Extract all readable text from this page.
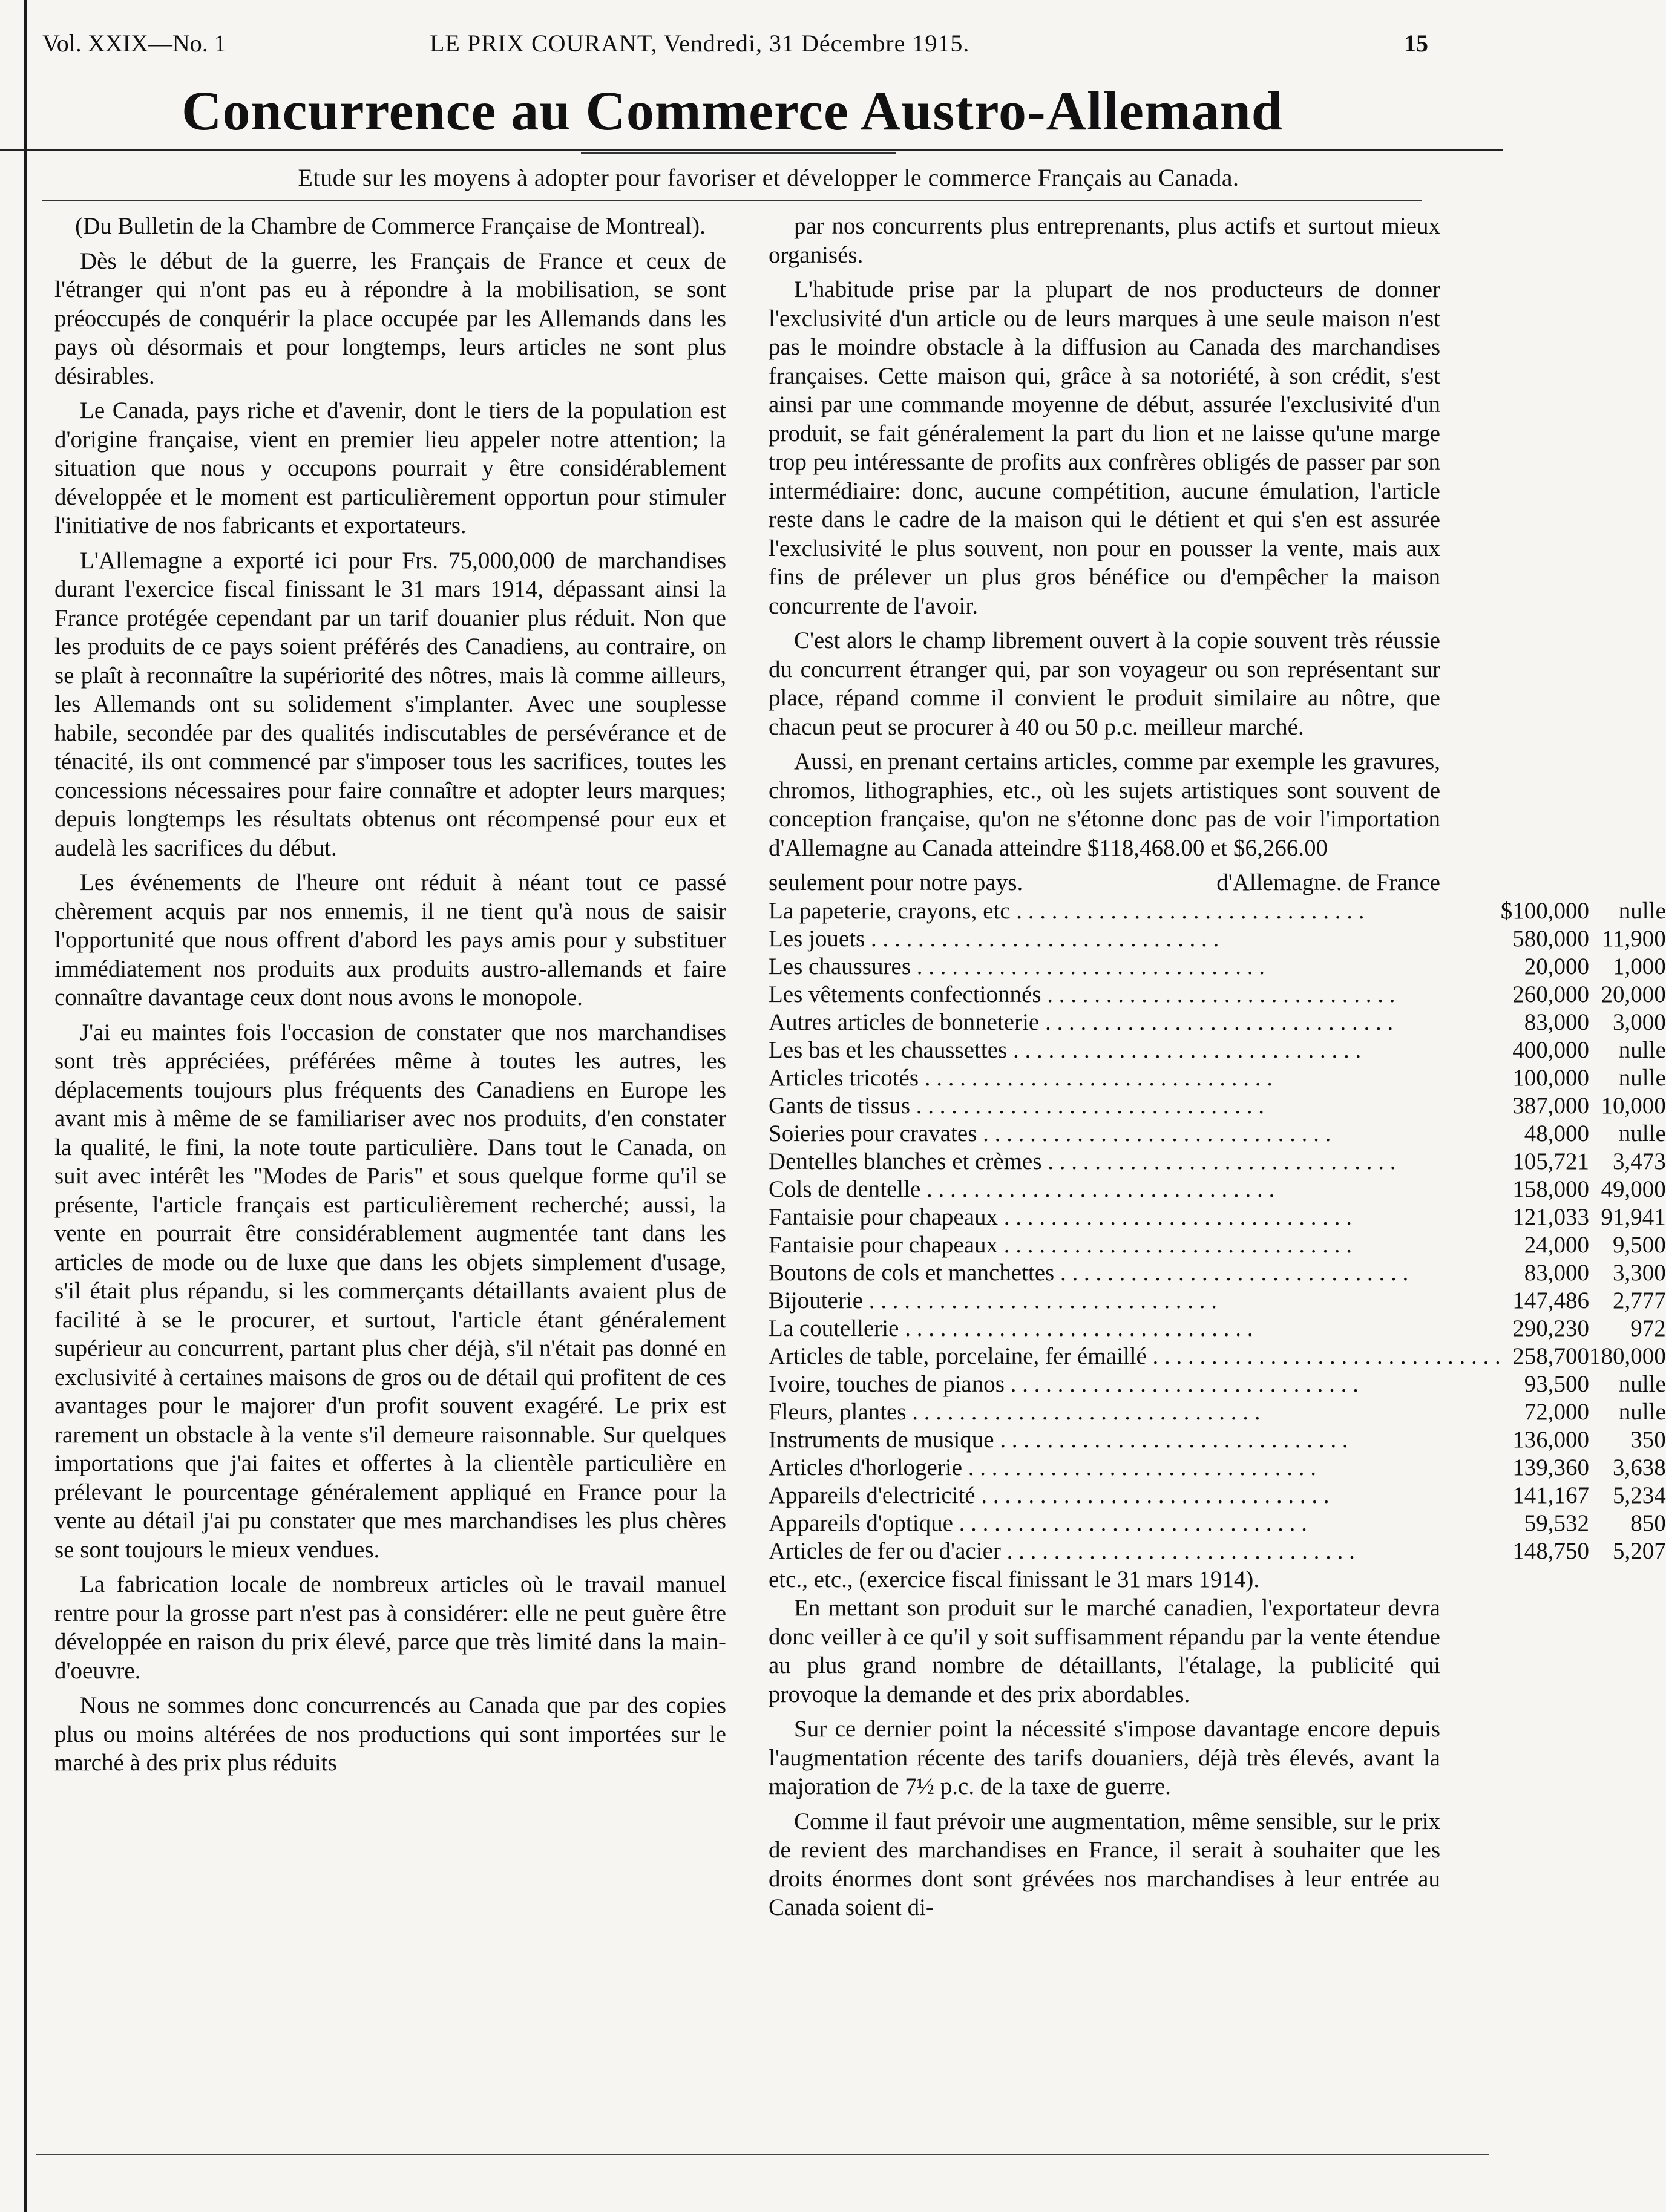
Vol. XXIX—No. 1	LE PRIX COURANT, Vendredi, 31 Décembre 1915.	15
Concurrence au Commerce Austro-Allemand
Etude sur les moyens à adopter pour favoriser et développer le commerce Français au Canada.

(Du Bulletin de la Chambre de Commerce Française de Montreal).

Dès le début de la guerre, les Français de France et ceux de l'étranger qui n'ont pas eu à répondre à la mobilisation, se sont préoccupés de conquérir la place occupée par les Allemands dans les pays où désormais et pour longtemps, leurs articles ne sont plus désirables.

Le Canada, pays riche et d'avenir, dont le tiers de la population est d'origine française, vient en premier lieu appeler notre attention; la situation que nous y occupons pourrait y être considérablement développée et le moment est particulièrement opportun pour stimuler l'initiative de nos fabricants et exportateurs.

L'Allemagne a exporté ici pour Frs. 75,000,000 de marchandises durant l'exercice fiscal finissant le 31 mars 1914, dépassant ainsi la France protégée cependant par un tarif douanier plus réduit. Non que les produits de ce pays soient préférés des Canadiens, au contraire, on se plaît à reconnaître la supériorité des nôtres, mais là comme ailleurs, les Allemands ont su solidement s'implanter. Avec une souplesse habile, secondée par des qualités indiscutables de persévérance et de ténacité, ils ont commencé par s'imposer tous les sacrifices, toutes les concessions nécessaires pour faire connaître et adopter leurs marques; depuis longtemps les résultats obtenus ont récompensé pour eux et audelà les sacrifices du début.

Les événements de l'heure ont réduit à néant tout ce passé chèrement acquis par nos ennemis, il ne tient qu'à nous de saisir l'opportunité que nous offrent d'abord les pays amis pour y substituer immédiatement nos produits aux produits austro-allemands et faire connaître davantage ceux dont nous avons le monopole.

J'ai eu maintes fois l'occasion de constater que nos marchandises sont très appréciées, préférées même à toutes les autres, les déplacements toujours plus fréquents des Canadiens en Europe les avant mis à même de se familiariser avec nos produits, d'en constater la qualité, le fini, la note toute particulière. Dans tout le Canada, on suit avec intérêt les "Modes de Paris" et sous quelque forme qu'il se présente, l'article français est particulièrement recherché; aussi, la vente en pourrait être considérablement augmentée tant dans les articles de mode ou de luxe que dans les objets simplement d'usage, s'il était plus répandu, si les commerçants détaillants avaient plus de facilité à se le procurer, et surtout, l'article étant généralement supérieur au concurrent, partant plus cher déjà, s'il n'était pas donné en exclusivité à certaines maisons de gros ou de détail qui profitent de ces avantages pour le majorer d'un profit souvent exagéré. Le prix est rarement un obstacle à la vente s'il demeure raisonnable. Sur quelques importations que j'ai faites et offertes à la clientèle particulière en prélevant le pourcentage généralement appliqué en France pour la vente au détail j'ai pu constater que mes marchandises les plus chères se sont toujours le mieux vendues.

La fabrication locale de nombreux articles où le travail manuel rentre pour la grosse part n'est pas à considérer: elle ne peut guère être développée en raison du prix élevé, parce que très limité dans la main-d'oeuvre.

Nous ne sommes donc concurrencés au Canada que par des copies plus ou moins altérées de nos productions qui sont importées sur le marché à des prix plus réduits

par nos concurrents plus entreprenants, plus actifs et surtout mieux organisés.

L'habitude prise par la plupart de nos producteurs de donner l'exclusivité d'un article ou de leurs marques à une seule maison n'est pas le moindre obstacle à la diffusion au Canada des marchandises françaises. Cette maison qui, grâce à sa notoriété, à son crédit, s'est ainsi par une commande moyenne de début, assurée l'exclusivité d'un produit, se fait généralement la part du lion et ne laisse qu'une marge trop peu intéressante de profits aux confrères obligés de passer par son intermédiaire: donc, aucune compétition, aucune émulation, l'article reste dans le cadre de la maison qui le détient et qui s'en est assurée l'exclusivité le plus souvent, non pour en pousser la vente, mais aux fins de prélever un plus gros bénéfice ou d'empêcher la maison concurrente de l'avoir.

C'est alors le champ librement ouvert à la copie souvent très réussie du concurrent étranger qui, par son voyageur ou son représentant sur place, répand comme il convient le produit similaire au nôtre, que chacun peut se procurer à 40 ou 50 p.c. meilleur marché.

Aussi, en prenant certains articles, comme par exemple les gravures, chromos, lithographies, etc., où les sujets artistiques sont souvent de conception française, qu'on ne s'étonne donc pas de voir l'importation d'Allemagne au Canada atteindre $118,468.00 et $6,266.00

seulement pour notre pays.	d'Allemagne. de France
La papeterie, crayons, etc . . . . . . . . . . . . . . . . . . . . . . . . . . . . . .	$100,000	nulle
Les jouets . . . . . . . . . . . . . . . . . . . . . . . . . . . . . .	580,000	11,900
Les chaussures . . . . . . . . . . . . . . . . . . . . . . . . . . . . . .	20,000	1,000
Les vêtements confectionnés . . . . . . . . . . . . . . . . . . . . . . . . . . . . . .	260,000	20,000
Autres articles de bonneterie . . . . . . . . . . . . . . . . . . . . . . . . . . . . . .	83,000	3,000
Les bas et les chaussettes . . . . . . . . . . . . . . . . . . . . . . . . . . . . . .	400,000	nulle
Articles tricotés . . . . . . . . . . . . . . . . . . . . . . . . . . . . . .	100,000	nulle
Gants de tissus . . . . . . . . . . . . . . . . . . . . . . . . . . . . . .	387,000	10,000
Soieries pour cravates . . . . . . . . . . . . . . . . . . . . . . . . . . . . . .	48,000	nulle
Dentelles blanches et crèmes . . . . . . . . . . . . . . . . . . . . . . . . . . . . . .	105,721	3,473
Cols de dentelle . . . . . . . . . . . . . . . . . . . . . . . . . . . . . .	158,000	49,000
Fantaisie pour chapeaux . . . . . . . . . . . . . . . . . . . . . . . . . . . . . .	121,033	91,941
Fantaisie pour chapeaux . . . . . . . . . . . . . . . . . . . . . . . . . . . . . .	24,000	9,500
Boutons de cols et manchettes . . . . . . . . . . . . . . . . . . . . . . . . . . . . . .	83,000	3,300
Bijouterie . . . . . . . . . . . . . . . . . . . . . . . . . . . . . .	147,486	2,777
La coutellerie . . . . . . . . . . . . . . . . . . . . . . . . . . . . . .	290,230	972
Articles de table, porcelaine, fer émaillé . . . . . . . . . . . . . . . . . . . . . . . . . . . . . .	258,700	180,000
Ivoire, touches de pianos . . . . . . . . . . . . . . . . . . . . . . . . . . . . . .	93,500	nulle
Fleurs, plantes . . . . . . . . . . . . . . . . . . . . . . . . . . . . . .	72,000	nulle
Instruments de musique . . . . . . . . . . . . . . . . . . . . . . . . . . . . . .	136,000	350
Articles d'horlogerie . . . . . . . . . . . . . . . . . . . . . . . . . . . . . .	139,360	3,638
Appareils d'electricité . . . . . . . . . . . . . . . . . . . . . . . . . . . . . .	141,167	5,234
Appareils d'optique . . . . . . . . . . . . . . . . . . . . . . . . . . . . . .	59,532	850
Articles de fer ou d'acier . . . . . . . . . . . . . . . . . . . . . . . . . . . . . .	148,750	5,207
etc., etc., (exercice fiscal finissant le 31 mars 1914).

En mettant son produit sur le marché canadien, l'exportateur devra donc veiller à ce qu'il y soit suffisamment répandu par la vente étendue au plus grand nombre de détaillants, l'étalage, la publicité qui provoque la demande et des prix abordables.

Sur ce dernier point la nécessité s'impose davantage encore depuis l'augmentation récente des tarifs douaniers, déjà très élevés, avant la majoration de 7½ p.c. de la taxe de guerre.

Comme il faut prévoir une augmentation, même sensible, sur le prix de revient des marchandises en France, il serait à souhaiter que les droits énormes dont sont grévées nos marchandises à leur entrée au Canada soient di-
